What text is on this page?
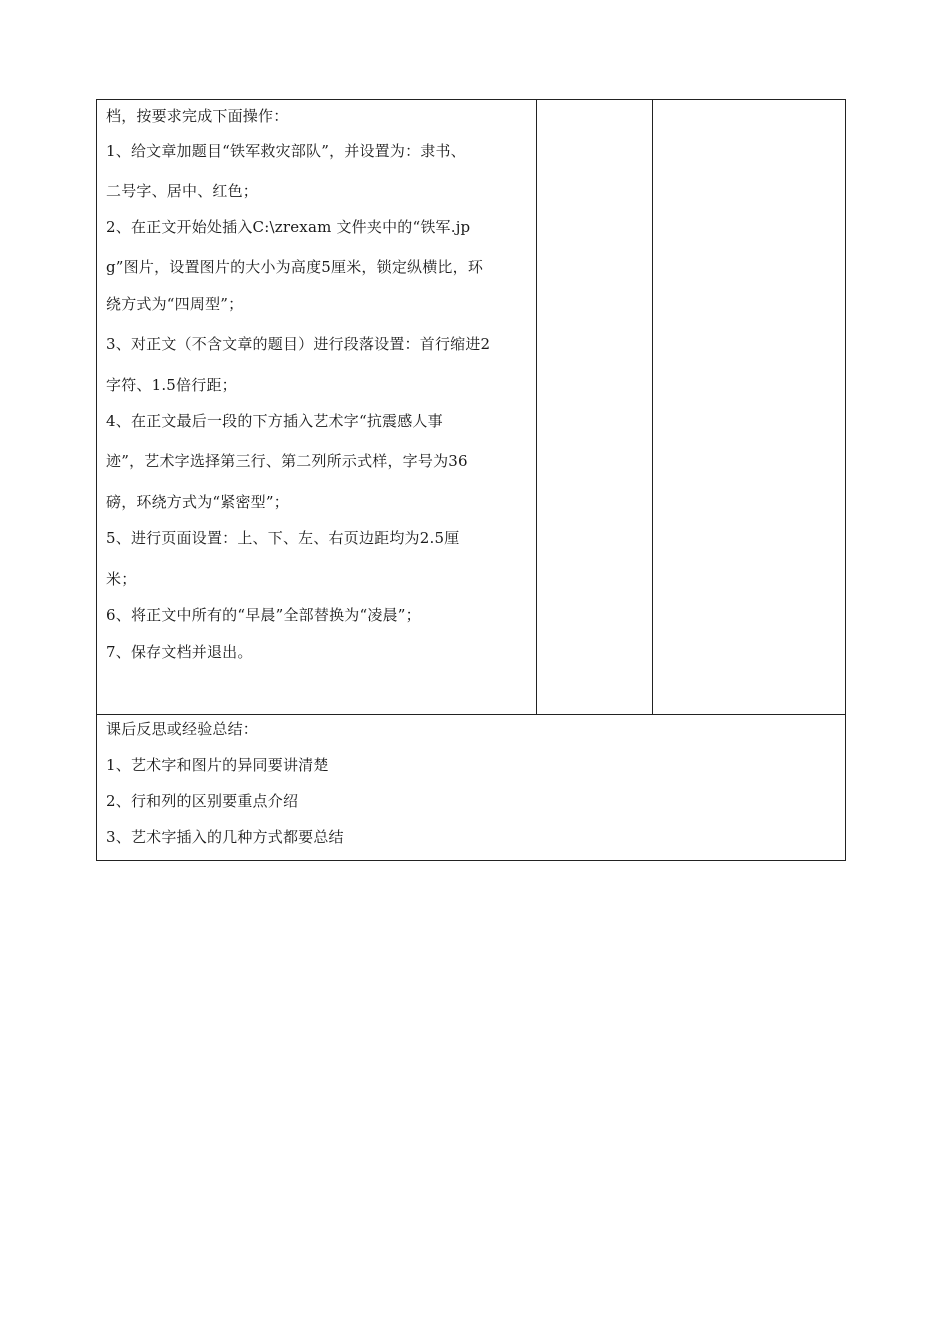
档，按要求完成下面操作：
1、给文章加题目“铁军救灾部队”，并设置为：隶书、
二号字、居中、红色；
2、在正文开始处插入C:\zrexam 文件夹中的“铁军.jp
g”图片，设置图片的大小为高度5厘米，锁定纵横比，环
绕方式为“四周型”；
3、对正文（不含文章的题目）进行段落设置：首行缩进2
字符、1.5倍行距；
4、在正文最后一段的下方插入艺术字“抗震感人事
迹”，艺术字选择第三行、第二列所示式样，字号为36
磅，环绕方式为“紧密型”；
5、进行页面设置：上、下、左、右页边距均为2.5厘
米；
6、将正文中所有的“早晨”全部替换为“凌晨”；
7、保存文档并退出。

课后反思或经验总结：
1、艺术字和图片的异同要讲清楚
2、行和列的区别要重点介绍
3、艺术字插入的几种方式都要总结
